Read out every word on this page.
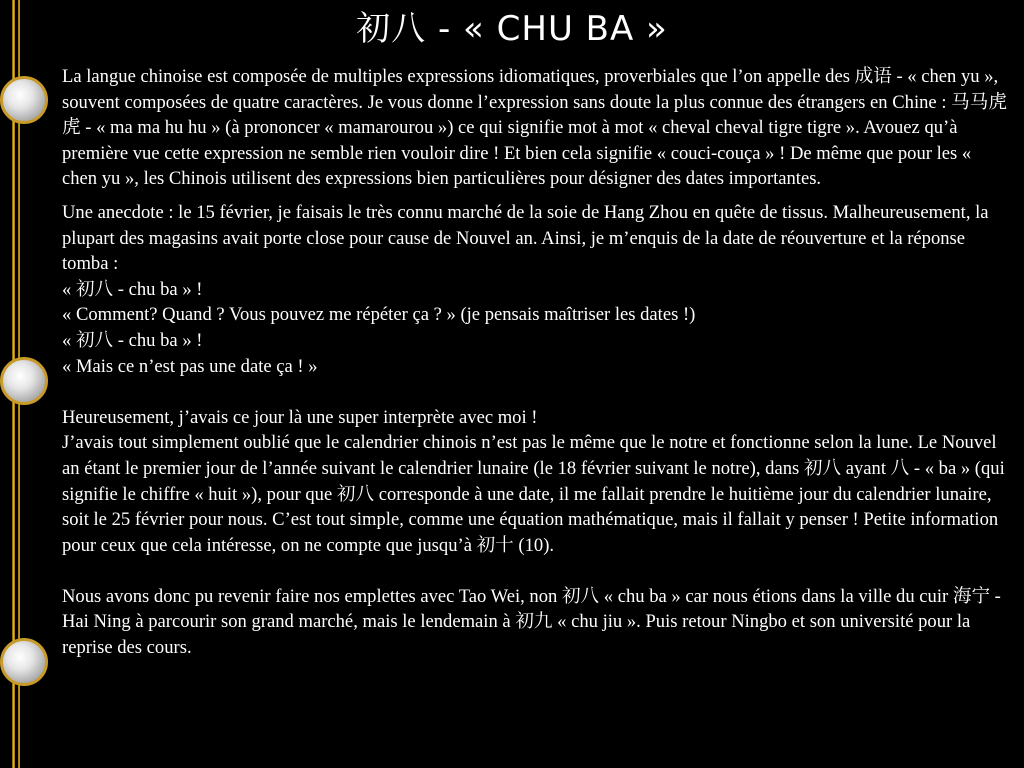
初八 - « CHU BA »

La langue chinoise est composée de multiples expressions idiomatiques, proverbiales que l’on appelle des 成语 - « chen yu », souvent composées de quatre caractères. Je vous donne l’expression sans doute la plus connue des étrangers en Chine : 马马虎虎 - « ma ma hu hu » (à prononcer « mamarourou ») ce qui signifie mot à mot « cheval cheval tigre tigre ». Avouez qu’à première vue cette expression ne semble rien vouloir dire ! Et bien cela signifie « couci-couça » ! De même que pour les « chen yu », les Chinois utilisent des expressions bien particulières pour désigner des dates importantes.

Une anecdote : le 15 février, je faisais le très connu marché de la soie de Hang Zhou en quête de tissus. Malheureusement, la plupart des magasins avait porte close pour cause de Nouvel an. Ainsi, je m’enquis de la date de réouverture et la réponse tomba :

« 初八 - chu ba » !

« Comment? Quand ? Vous pouvez me répéter ça ? » (je pensais maîtriser les dates !)

« 初八 - chu ba » !

« Mais ce n’est pas une date ça ! »

Heureusement, j’avais ce jour là une super interprète avec moi !

J’avais tout simplement oublié que le calendrier chinois n’est pas le même que le notre et fonctionne selon la lune. Le Nouvel an étant le premier jour de l’année suivant le calendrier lunaire (le 18 février suivant le notre), dans 初八 ayant 八 - « ba » (qui signifie le chiffre « huit »), pour que 初八 corresponde à une date, il me fallait prendre le huitième jour du calendrier lunaire, soit le 25 février pour nous. C’est tout simple, comme une équation mathématique, mais il fallait y penser ! Petite information pour ceux que cela intéresse, on ne compte que jusqu’à 初十 (10).

Nous avons donc pu revenir faire nos emplettes avec Tao Wei, non 初八 « chu ba » car nous étions dans la ville du cuir 海宁 - Hai Ning à parcourir son grand marché, mais le lendemain à 初九 « chu jiu ». Puis retour Ningbo et son université pour la reprise des cours.
